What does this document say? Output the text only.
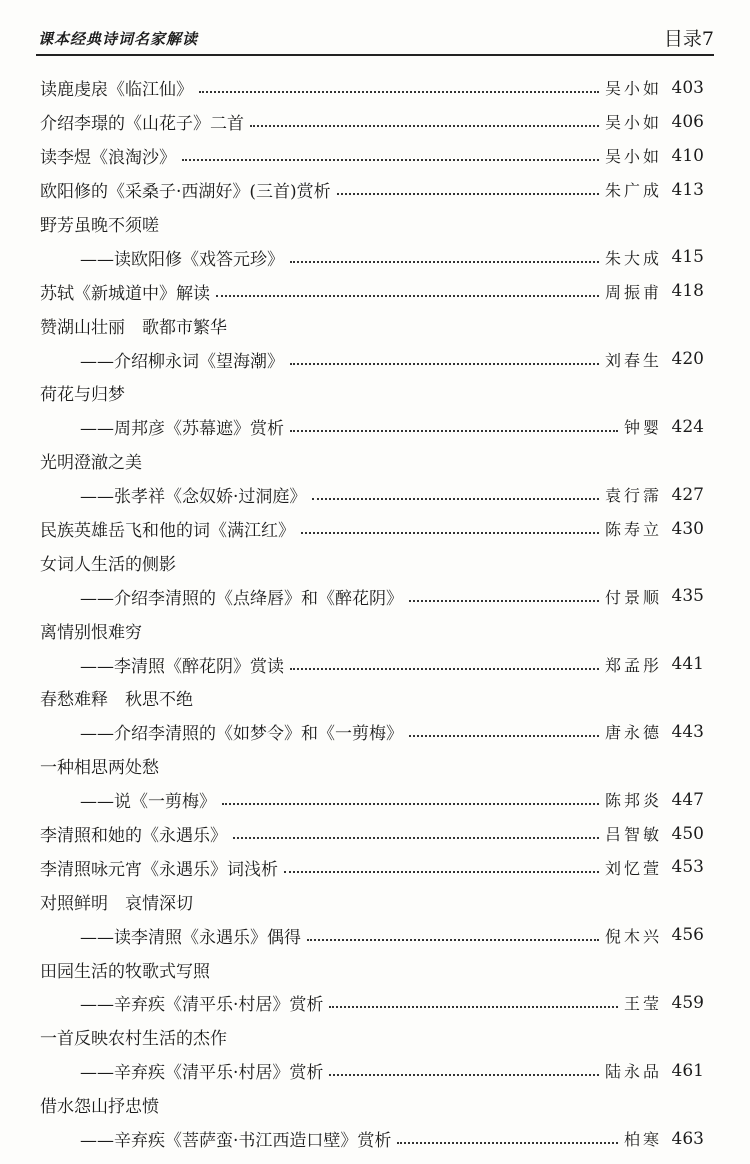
课本经典诗词名家解读	目录7
读鹿虔扆《临江仙》	吴小如 403
介绍李璟的《山花子》二首	吴小如 406
读李煜《浪淘沙》	吴小如 410
欧阳修的《采桑子·西湖好》(三首)赏析	朱广成 413
野芳虽晚不须嗟
——读欧阳修《戏答元珍》	朱大成 415
苏轼《新城道中》解读	周振甫 418
赞湖山壮丽　歌都市繁华
——介绍柳永词《望海潮》	刘春生 420
荷花与归梦
——周邦彦《苏幕遮》赏析	钟婴 424
光明澄澈之美
——张孝祥《念奴娇·过洞庭》	袁行霈 427
民族英雄岳飞和他的词《满江红》	陈寿立 430
女词人生活的侧影
——介绍李清照的《点绛唇》和《醉花阴》	付景顺 435
离情别恨难穷
——李清照《醉花阴》赏读	郑孟彤 441
春愁难释　秋思不绝
——介绍李清照的《如梦令》和《一剪梅》	唐永德 443
一种相思两处愁
——说《一剪梅》	陈邦炎 447
李清照和她的《永遇乐》	吕智敏 450
李清照咏元宵《永遇乐》词浅析	刘忆萱 453
对照鲜明　哀情深切
——读李清照《永遇乐》偶得	倪木兴 456
田园生活的牧歌式写照
——辛弃疾《清平乐·村居》赏析	王莹 459
一首反映农村生活的杰作
——辛弃疾《清平乐·村居》赏析	陆永品 461
借水怨山抒忠愤
——辛弃疾《菩萨蛮·书江西造口壁》赏析	柏寒 463
